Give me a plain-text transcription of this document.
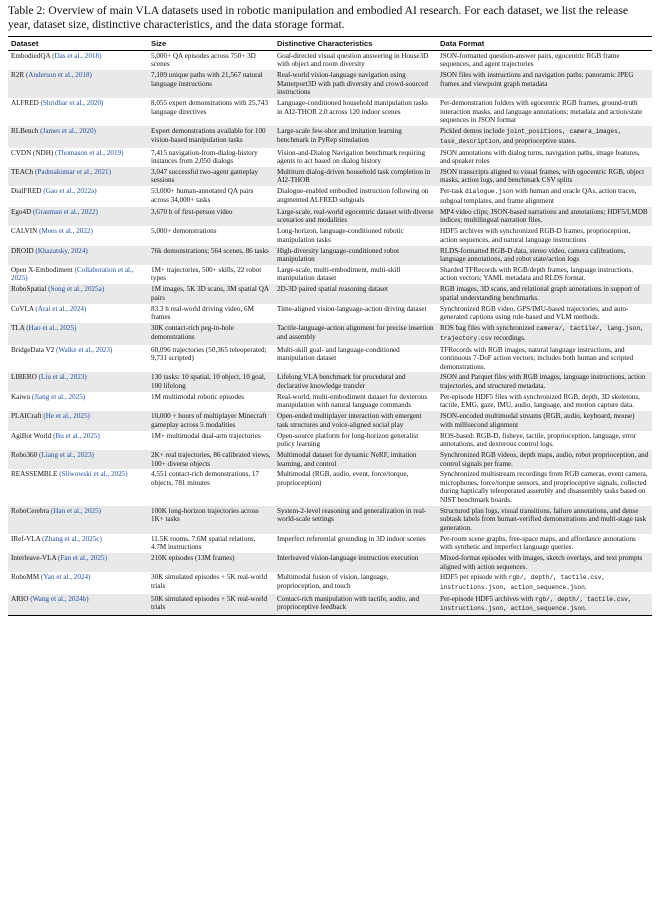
Table 2: Overview of main VLA datasets used in robotic manipulation and embodied AI research. For each dataset, we list the release year, dataset size, distinctive characteristics, and the data storage format.

Dataset	Size	Distinctive Characteristics	Data Format
EmbodiedQA (Das et al., 2018)	5,000+ QA episodes across 750+ 3D scenes	Goal-directed visual question answering in House3D with object and room diversity	JSON-formatted question-answer pairs, egocentric RGB frame sequences, and agent trajectories
R2R (Anderson et al., 2018)	7,189 unique paths with 21,567 natural language instructions	Real-world vision-language navigation using Matterport3D with path diversity and crowd-sourced instructions	JSON files with instructions and navigation paths; panoramic JPEG frames and viewpoint graph metadata
ALFRED (Shridhar et al., 2020)	8,055 expert demonstrations with 25,743 language directives	Language-conditioned household manipulation tasks in AI2-THOR 2.0 across 120 indoor scenes	Per-demonstration folders with egocentric RGB frames, ground-truth interaction masks, and language annotations; metadata and action/state sequences in JSON format
RLBench (James et al., 2020)	Expert demonstrations available for 100 vision-based manipulation tasks	Large-scale few-shot and imitation learning benchmark in PyRep simulation	Pickled demos include joint_positions, camera_images, task_description, and proprioceptive states.
CVDN (NDH) (Thomason et al., 2019)	7,415 navigation-from-dialog-history instances from 2,050 dialogs	Vision-and-Dialog Navigation benchmark requiring agents to act based on dialog history	JSON annotations with dialog turns, navigation paths, image features, and speaker roles
TEACh (Padmakumar et al., 2021)	3,047 successful two-agent gameplay sessions	Multiturn dialog-driven household task completion in AI2-THOR	JSON transcripts aligned to visual frames, with egocentric RGB, object masks, action logs, and benchmark CSV splits
DialFRED (Gao et al., 2022a)	53,000+ human-annotated QA pairs across 34,000+ tasks	Dialogue-enabled embodied instruction following on augmented ALFRED subgoals	Per-task dialogue.json with human and oracle QAs, action traces, subgoal templates, and frame alignment
Ego4D (Grauman et al., 2022)	3,670 h of first-person video	Large-scale, real-world egocentric dataset with diverse scenarios and modalities	MP4 video clips; JSON-based narrations and annotations; HDF5/LMDB indices; multilingual narration files.
CALVIN (Mees et al., 2022)	5,000+ demonstrations	Long-horizon, language-conditioned robotic manipulation tasks	HDF5 archives with synchronized RGB-D frames, proprioception, action sequences, and natural language instructions
DROID (Khazatsky, 2024)	76k demonstrations; 564 scenes, 86 tasks	High-diversity language-conditioned robot manipulation	RLDS-formatted RGB-D data, stereo video, camera calibrations, language annotations, and robot state/action logs
Open X-Embodiment (Collaboration et al., 2025)	1M+ trajectories, 500+ skills, 22 robot types	Large-scale, multi-embodiment, multi-skill manipulation dataset	Sharded TFRecords with RGB/depth frames, language instructions, action vectors; YAML metadata and RLDS format.
RoboSpatial (Song et al., 2025a)	1M images, 5K 3D scans, 3M spatial QA pairs	2D-3D paired spatial reasoning dataset	RGB images, 3D scans, and relational graph annotations in support of spatial understanding benchmarks.
CoVLA (Arai et al., 2024)	83.3 h real-world driving video, 6M frames	Time-aligned vision-language-action driving dataset	Synchronized RGB video, GPS/IMU-based trajectories, and auto-generated captions using rule-based and VLM methods.
TLA (Hao et al., 2025)	30K contact-rich peg-in-hole demonstrations	Tactile-language-action alignment for precise insertion and assembly	ROS bag files with synchronized camera/, tactile/, lang.json, trajectory.csv recordings.
BridgeData V2 (Walke et al., 2023)	60,096 trajectories (50,365 teleoperated; 9,731 scripted)	Multi-skill goal- and language-conditioned manipulation dataset	TFRecords with RGB images, natural language instructions, and continuous 7-DoF action vectors; includes both human and scripted demonstrations.
LIBERO (Liu et al., 2023)	130 tasks: 10 spatial, 10 object, 10 goal, 100 lifelong	Lifelong VLA benchmark for procedural and declarative knowledge transfer	JSON and Parquet files with RGB images, language instructions, action trajectories, and structured metadata.
Kaiwu (Jiang et al., 2025)	1M multimodal robotic episodes	Real-world, multi-embodiment dataset for dexterous manipulation with natural language commands	Per-episode HDF5 files with synchronized RGB, depth, 3D skeletons, tactile, EMG, gaze, IMU, audio, language, and motion capture data.
PLAICraft (He et al., 2025)	10,000 + hours of multiplayer Minecraft gameplay across 5 modalities	Open-ended multiplayer interaction with emergent task structures and voice-aligned social play	JSON-encoded multimodal streams (RGB, audio, keyboard, mouse) with millisecond alignment
AgiBot World (Bu et al., 2025)	1M+ multimodal dual-arm trajectories	Open-source platform for long-horizon generalist policy learning	ROS-based: RGB-D, fisheye, tactile, proprioception, language, error annotations, and dexterous control logs.
Robo360 (Liang et al., 2023)	2K+ real trajectories, 86 calibrated views, 100+ diverse objects	Multimodal dataset for dynamic NeRF, imitation learning, and control	Synchronized RGB videos, depth maps, audio, robot proprioception, and control signals per frame.
REASSEMBLE (Sliwowski et al., 2025)	4,551 contact-rich demonstrations, 17 objects, 781 minutes	Multimodal (RGB, audio, event, force/torque, proprioception)	Synchronized multistream recordings from RGB cameras, event camera, microphones, force/torque sensors, and proprioceptive signals, collected during haptically teleoperated assembly and disassembly tasks based on NIST benchmark boards.
RoboCerebra (Han et al., 2025)	100K long-horizon trajectories across 1K+ tasks	System-2-level reasoning and generalization in real-world-scale settings	Structured plan logs, visual transitions, failure annotations, and dense subtask labels from human-verified demonstrations and multi-stage task generation.
IRef-VLA (Zhang et al., 2025c)	11.5K rooms, 7.6M spatial relations, 4.7M instructions	Imperfect referential grounding in 3D indoor scenes	Per-room scene graphs, free-space maps, and affordance annotations with synthetic and imperfect language queries.
Interleave-VLA (Fan et al., 2025)	210K episodes (13M frames)	Interleaved vision-language instruction execution	Mixed-format episodes with images, sketch overlays, and text prompts aligned with action sequences.
RoboMM (Yan et al., 2024)	30K simulated episodes + 5K real-world trials	Multimodal fusion of vision, language, proprioception, and touch	HDF5 per episode with rgb/, depth/, tactile.csv, instructions.json, action_sequence.json.
ARIO (Wang et al., 2024b)	50K simulated episodes + 5K real-world trials	Contact-rich manipulation with tactile, audio, and proprioceptive feedback	Per-episode HDF5 archives with rgb/, depth/, tactile.csv, instructions.json, action_sequence.json.
